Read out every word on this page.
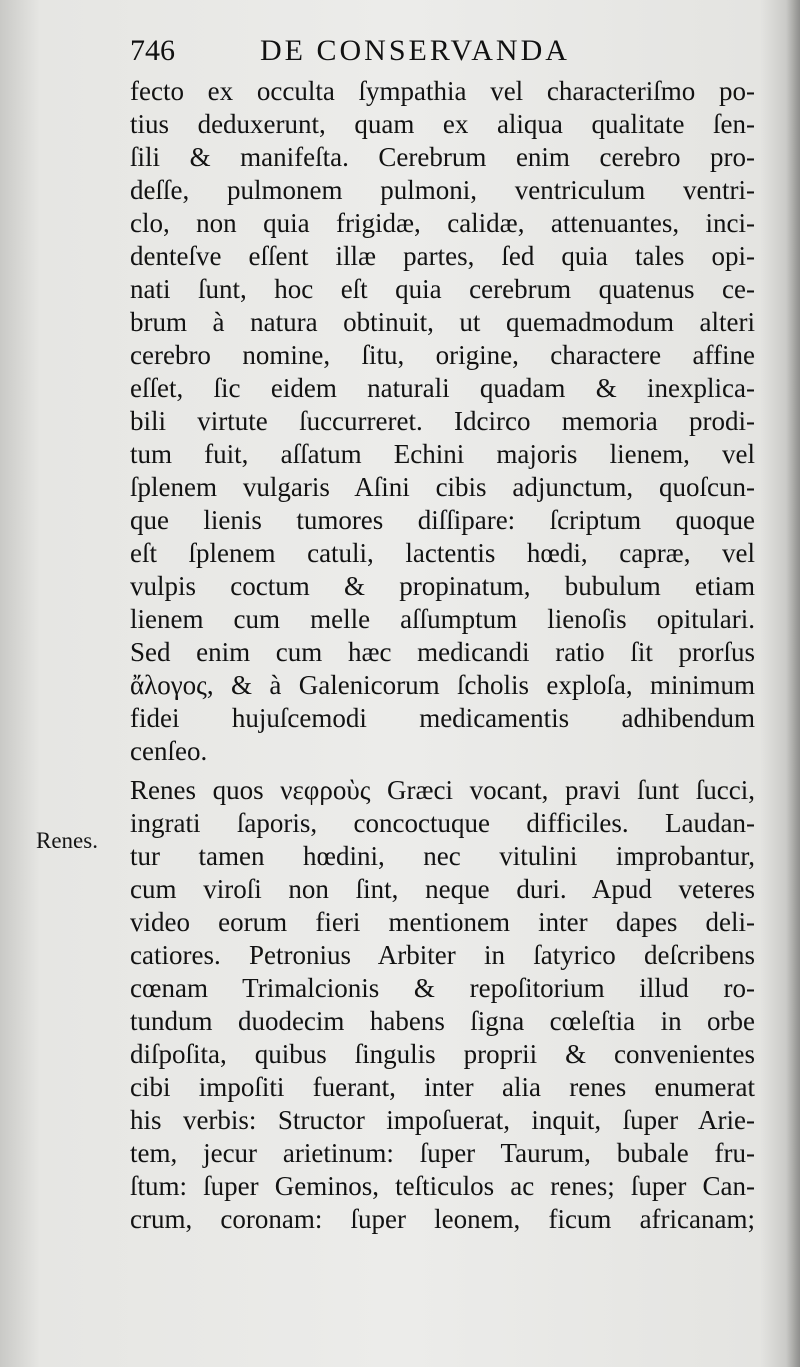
746	DE CONSERVANDA
Renes.
fecto ex occulta ſympathia vel characteriſmo po-
tius deduxerunt, quam ex aliqua qualitate ſen-
ſili & manifeſta. Cerebrum enim cerebro pro-
deſſe, pulmonem pulmoni, ventriculum ventri-
clo, non quia frigidæ, calidæ, attenuantes, inci-
denteſve eſſent illæ partes, ſed quia tales opi-
nati ſunt, hoc eſt quia cerebrum quatenus ce-
brum à natura obtinuit, ut quemadmodum alteri
cerebro nomine, ſitu, origine, charactere affine
eſſet, ſic eidem naturali quadam & inexplica-
bili virtute ſuccurreret. Idcirco memoria prodi-
tum fuit, aſſatum Echini majoris lienem, vel
ſplenem vulgaris Aſini cibis adjunctum, quoſcun-
que lienis tumores diſſipare: ſcriptum quoque
eſt ſplenem catuli, lactentis hœdi, capræ, vel
vulpis coctum & propinatum, bubulum etiam
lienem cum melle aſſumptum lienoſis opitulari.
Sed enim cum hæc medicandi ratio ſit prorſus
ἄλογος, & à Galenicorum ſcholis exploſa, minimum
fidei hujuſcemodi medicamentis adhibendum
cenſeo.
Renes quos νεφροὺς Græci vocant, pravi ſunt ſucci,
ingrati ſaporis, concoctuque difficiles. Laudan-
tur tamen hœdini, nec vitulini improbantur,
cum viroſi non ſint, neque duri. Apud veteres
video eorum fieri mentionem inter dapes deli-
catiores. Petronius Arbiter in ſatyrico deſcribens
cœnam Trimalcionis & repoſitorium illud ro-
tundum duodecim habens ſigna cœleſtia in orbe
diſpoſita, quibus ſingulis proprii & convenientes
cibi impoſiti fuerant, inter alia renes enumerat
his verbis: Structor impoſuerat, inquit, ſuper Arie-
tem, jecur arietinum: ſuper Taurum, bubale fru-
ſtum: ſuper Geminos, teſticulos ac renes; ſuper Can-
crum, coronam: ſuper leonem, ficum africanam;
